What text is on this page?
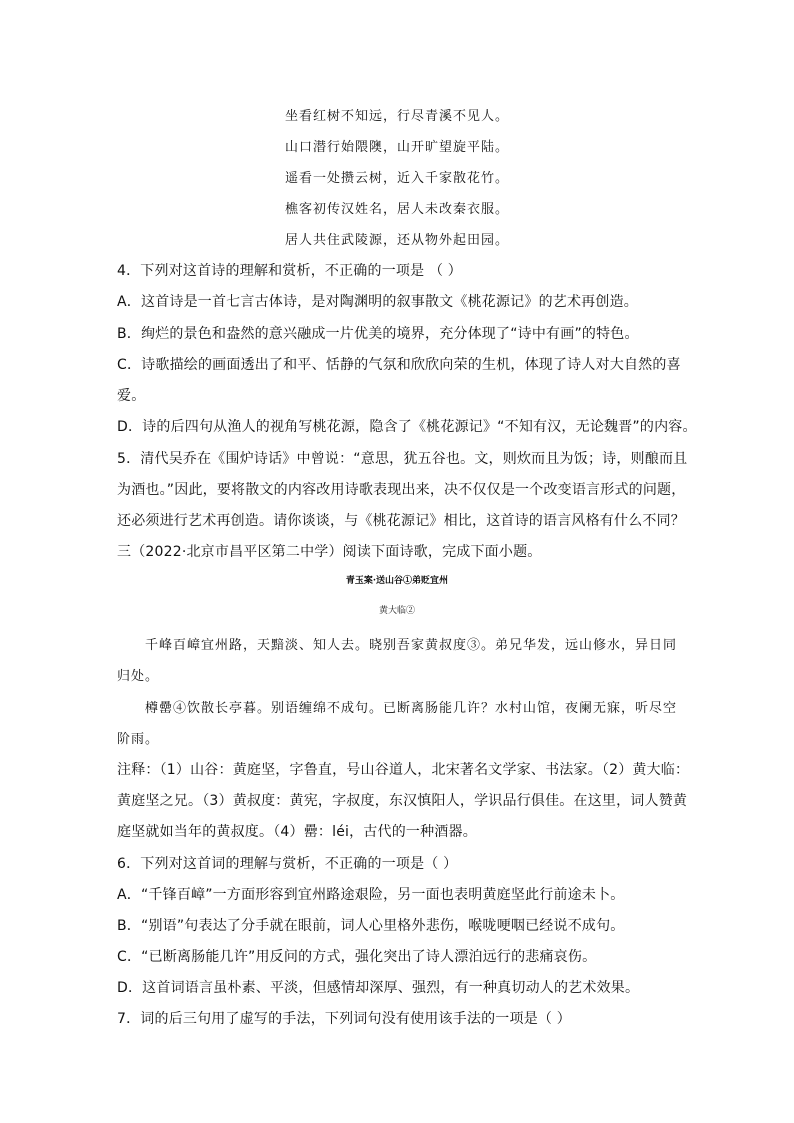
坐看红树不知远，行尽青溪不见人。
山口潜行始隈隩，山开旷望旋平陆。
遥看一处攒云树，近入千家散花竹。
樵客初传汉姓名，居人未改秦衣服。
居人共住武陵源，还从物外起田园。
4．下列对这首诗的理解和赏析，不正确的一项是 （ ）
A．这首诗是一首七言古体诗，是对陶渊明的叙事散文《桃花源记》的艺术再创造。
B．绚烂的景色和盎然的意兴融成一片优美的境界，充分体现了“诗中有画”的特色。
C．诗歌描绘的画面透出了和平、恬静的气氛和欣欣向荣的生机，体现了诗人对大自然的喜
爱。
D．诗的后四句从渔人的视角写桃花源，隐含了《桃花源记》“不知有汉，无论魏晋”的内容。
5．清代吴乔在《围炉诗话》中曾说：“意思，犹五谷也。文，则炊而且为饭；诗，则酿而且
为酒也。”因此，要将散文的内容改用诗歌表现出来，决不仅仅是一个改变语言形式的问题，
还必须进行艺术再创造。请你谈谈，与《桃花源记》相比，这首诗的语言风格有什么不同？
三（2022·北京市昌平区第二中学）阅读下面诗歌，完成下面小题。
青玉案·送山谷①弟贬宜州
黄大临②
千峰百嶂宜州路，天黯淡、知人去。晓别吾家黄叔度③。弟兄华发，远山修水，异日同
归处。
樽罍④饮散长亭暮。别语缠绵不成句。已断离肠能几许？水村山馆，夜阑无寐，听尽空
阶雨。
注释：（1）山谷：黄庭坚，字鲁直，号山谷道人，北宋著名文学家、书法家。（2）黄大临：
黄庭坚之兄。（3）黄叔度：黄宪，字叔度，东汉慎阳人，学识品行俱佳。在这里，词人赞黄
庭坚就如当年的黄叔度。（4）罍：léi，古代的一种酒器。
6．下列对这首词的理解与赏析，不正确的一项是（ ）
A．“千锋百嶂”一方面形容到宜州路途艰险，另一面也表明黄庭坚此行前途未卜。
B．“别语”句表达了分手就在眼前，词人心里格外悲伤，喉咙哽咽已经说不成句。
C．“已断离肠能几许”用反问的方式，强化突出了诗人漂泊远行的悲痛哀伤。
D．这首词语言虽朴素、平淡，但感情却深厚、强烈，有一种真切动人的艺术效果。
7．词的后三句用了虚写的手法，下列词句没有使用该手法的一项是（ ）
